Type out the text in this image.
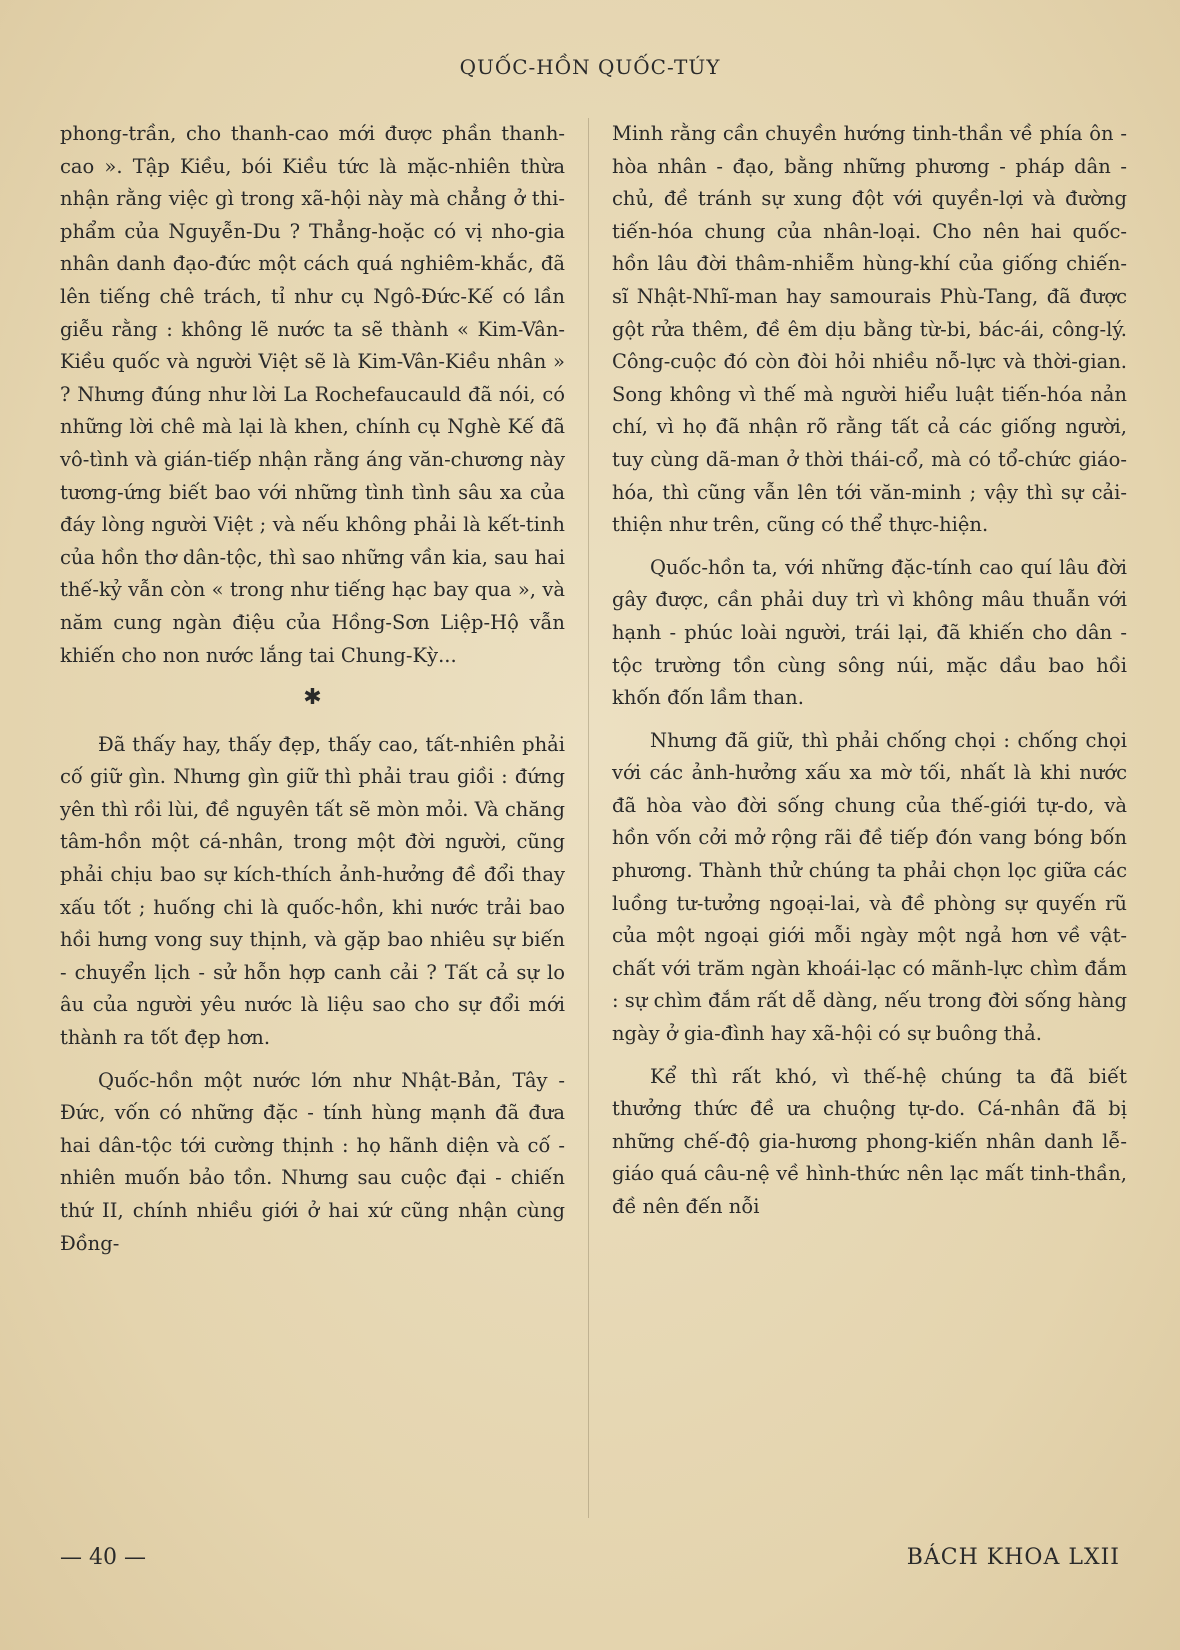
QUỐC-HỒN QUỐC-TÚY

phong-trần, cho thanh-cao mới được phần thanh-cao ». Tập Kiều, bói Kiều tức là mặc-nhiên thừa nhận rằng việc gì trong xã-hội này mà chẳng ở thi-phẩm của Nguyễn-Du ? Thẳng-hoặc có vị nho-gia nhân danh đạo-đức một cách quá nghiêm-khắc, đã lên tiếng chê trách, tỉ như cụ Ngô-Đức-Kế có lần giễu rằng : không lẽ nước ta sẽ thành « Kim-Vân-Kiều quốc và người Việt sẽ là Kim-Vân-Kiều nhân » ? Nhưng đúng như lời La Rochefaucauld đã nói, có những lời chê mà lại là khen, chính cụ Nghè Kế đã vô-tình và gián-tiếp nhận rằng áng văn-chương này tương-ứng biết bao với những tình tình sâu xa của đáy lòng người Việt ; và nếu không phải là kết-tinh của hồn thơ dân-tộc, thì sao những vần kia, sau hai thế-kỷ vẫn còn « trong như tiếng hạc bay qua », và năm cung ngàn điệu của Hồng-Sơn Liệp-Hộ vẫn khiến cho non nước lắng tai Chung-Kỳ...

✱

Đã thấy hay, thấy đẹp, thấy cao, tất-nhiên phải cố giữ gìn. Nhưng gìn giữ thì phải trau giồi : đứng yên thì rồi lùi, đề nguyên tất sẽ mòn mỏi. Và chăng tâm-hồn một cá-nhân, trong một đời người, cũng phải chịu bao sự kích-thích ảnh-hưởng đề đổi thay xấu tốt ; huống chi là quốc-hồn, khi nước trải bao hồi hưng vong suy thịnh, và gặp bao nhiêu sự biến - chuyển lịch - sử hỗn hợp canh cải ? Tất cả sự lo âu của người yêu nước là liệu sao cho sự đổi mới thành ra tốt đẹp hơn.

Quốc-hồn một nước lớn như Nhật-Bản, Tây - Đức, vốn có những đặc - tính hùng mạnh đã đưa hai dân-tộc tới cường thịnh : họ hãnh diện và cố - nhiên muốn bảo tồn. Nhưng sau cuộc đại - chiến thứ II, chính nhiều giới ở hai xứ cũng nhận cùng Đồng-

Minh rằng cần chuyền hướng tinh-thần về phía ôn - hòa nhân - đạo, bằng những phương - pháp dân - chủ, đề tránh sự xung đột với quyền-lợi và đường tiến-hóa chung của nhân-loại. Cho nên hai quốc-hồn lâu đời thâm-nhiễm hùng-khí của giống chiến-sĩ Nhật-Nhĩ-man hay samourais Phù-Tang, đã được gột rửa thêm, đề êm dịu bằng từ-bi, bác-ái, công-lý. Công-cuộc đó còn đòi hỏi nhiều nỗ-lực và thời-gian. Song không vì thế mà người hiểu luật tiến-hóa nản chí, vì họ đã nhận rõ rằng tất cả các giống người, tuy cùng dã-man ở thời thái-cổ, mà có tổ-chức giáo-hóa, thì cũng vẫn lên tới văn-minh ; vậy thì sự cải-thiện như trên, cũng có thể thực-hiện.

Quốc-hồn ta, với những đặc-tính cao quí lâu đời gây được, cần phải duy trì vì không mâu thuẫn với hạnh - phúc loài người, trái lại, đã khiến cho dân - tộc trường tồn cùng sông núi, mặc dầu bao hồi khốn đốn lầm than.

Nhưng đã giữ, thì phải chống chọi : chống chọi với các ảnh-hưởng xấu xa mờ tối, nhất là khi nước đã hòa vào đời sống chung của thế-giới tự-do, và hồn vốn cởi mở rộng rãi đề tiếp đón vang bóng bốn phương. Thành thử chúng ta phải chọn lọc giữa các luồng tư-tưởng ngoại-lai, và đề phòng sự quyến rũ của một ngoại giới mỗi ngày một ngả hơn về vật-chất với trăm ngàn khoái-lạc có mãnh-lực chìm đắm : sự chìm đắm rất dễ dàng, nếu trong đời sống hàng ngày ở gia-đình hay xã-hội có sự buông thả.

Kể thì rất khó, vì thế-hệ chúng ta đã biết thưởng thức đề ưa chuộng tự-do. Cá-nhân đã bị những chế-độ gia-hương phong-kiến nhân danh lễ-giáo quá câu-nệ về hình-thức nên lạc mất tinh-thần, đề nên đến nỗi

— 40 —	BÁCH KHOA LXII
